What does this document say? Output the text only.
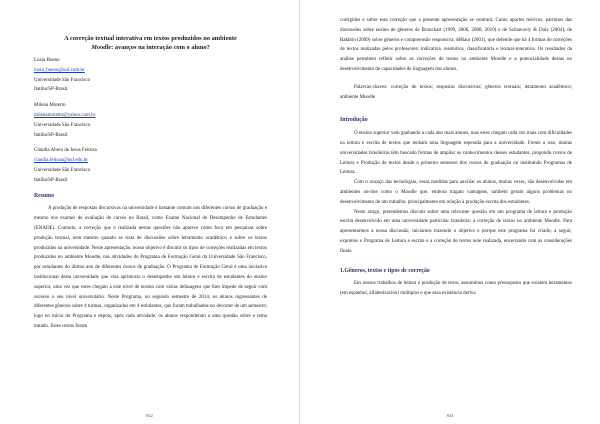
A correção textual interativa em textos produzidos no ambiente
Moodle: avanços na interação com o aluno?
Luzia Bueno
luzia_bueno@uol.com.br
Universidade São Francisco
Itatiba/SP-Brasil
Milena Moretto
milenamoretto@yahoo.com.br
Universidade São Francisco
Itatiba/SP-Brasil
Claudia Abreu de Jesus Feitoza
claudia.feitoza@usf.edu.br
Universidade São Francisco
Itatiba/SP-Brasil
Resumo

A produção de respostas discursivas na universidade é bastante comum nos diferentes cursos de graduação e mesmo nos exames de avaliação de cursos no Brasil, como Exame Nacional de Desempenho de Estudantes (ENADE). Contudo, a correção que é realizada nestas questões não aparece como foco em pesquisas sobre produção textual, nem mesmo quando se trata de discussões sobre letramento acadêmico e sobre os textos produzidos na universidade. Neste apresentação, nosso objetivo é discutir os tipos de correções realizadas em textos produzidos no ambiente Moodle, nas atividades do Programa de Formação Geral da Universidade São Francisco, por estudantes do último ano de diferentes cursos de graduação. O Programa de Formação Geral é uma iniciativa institucional desta universidade que visa aprimorar o desempenho em leitura e escrita de estudantes do ensino superior, uma vez que estes chegam a este nível de ensino com várias defasagens que lhes impede de seguir com sucesso o seu nível universitário. Neste Programa, no segundo semestre de 2014, os alunos ingressantes de diferentes gêneros sobre 4 turmas, organizados em 4 estudantes, que foram trabalhadas no decorrer de um semestre; logo no início do Programa e depois, após cada atividade, os alunos responderam a uma questão sobre o tema tratado. Estes textos foram

842

corrigidos e sobre esta correção que a presente apresentação se centrará. Como aportes teóricos, partimos das discussões sobre ensino de gêneros de Bronckart (1999, 2006, 2008, 2010) e de Schneuwly & Dolz (2004); de Bakhtin (2009) sobre gêneros e compreensão responsiva; dêBaur (2001), que defende que há 4 formas de correções de textos realizadas pelos professores: indicativa, resolutiva, classificatória e textual-interativa. Os resultados da análise permitem refletir sobre as correções de textos no ambiente Moodle e a potencialidade destas no desenvolvimento de capacidades de linguagem dos alunos.

Palavras-chaves: correção de textos; respostas discursivas; gêneros textuais; letramento acadêmico; ambiente Moodle

Introdução

O ensino superior vem ganhando a cada ano mais alunos, mas estes chegam cada vez mais com dificuldades na leitura e escrita de textos que tenham uma linguagem esperada para a universidade. Frente a isso, muitas universidades brasileiras têm buscado formas de ampliar os conhecimentos desses estudantes, propondo cursos de Leitura e Produção de textos desde o primeiro semestre dos cursos de graduação ou instituindo Programas de Leitura.

Com o avanço das tecnologias, essas medidas para auxiliar os alunos, muitas vezes, são desenvolvidas em ambientes on-line como o Moodle que, embora tragam vantagens, também geram alguns problemas no desenvolvimento de um trabalho, principalmente em relação à produção escrita dos estudantes.

Neste artigo, pretendemos discutir sobre uma relevante questão em um programa de leitura e produção escrita desenvolvido em uma universidade particular brasileira: a correção de textos no ambiente Moodle. Para apresentarmos a nossa discussão, iniciamos trazendo o objetivo e porque este programa foi criado; a seguir, expomos o Programa de Leitura e escrita e a correção de textos nele realizada, encerrando com as considerações finais.

1.Gêneros, textos e tipos de correção

Em nossos trabalhos de leitura e produção de texto, assumimos como pressuposto que existem letramentos (em espanhol, alfabetización) múltiplos e que essa existência deriva

843
